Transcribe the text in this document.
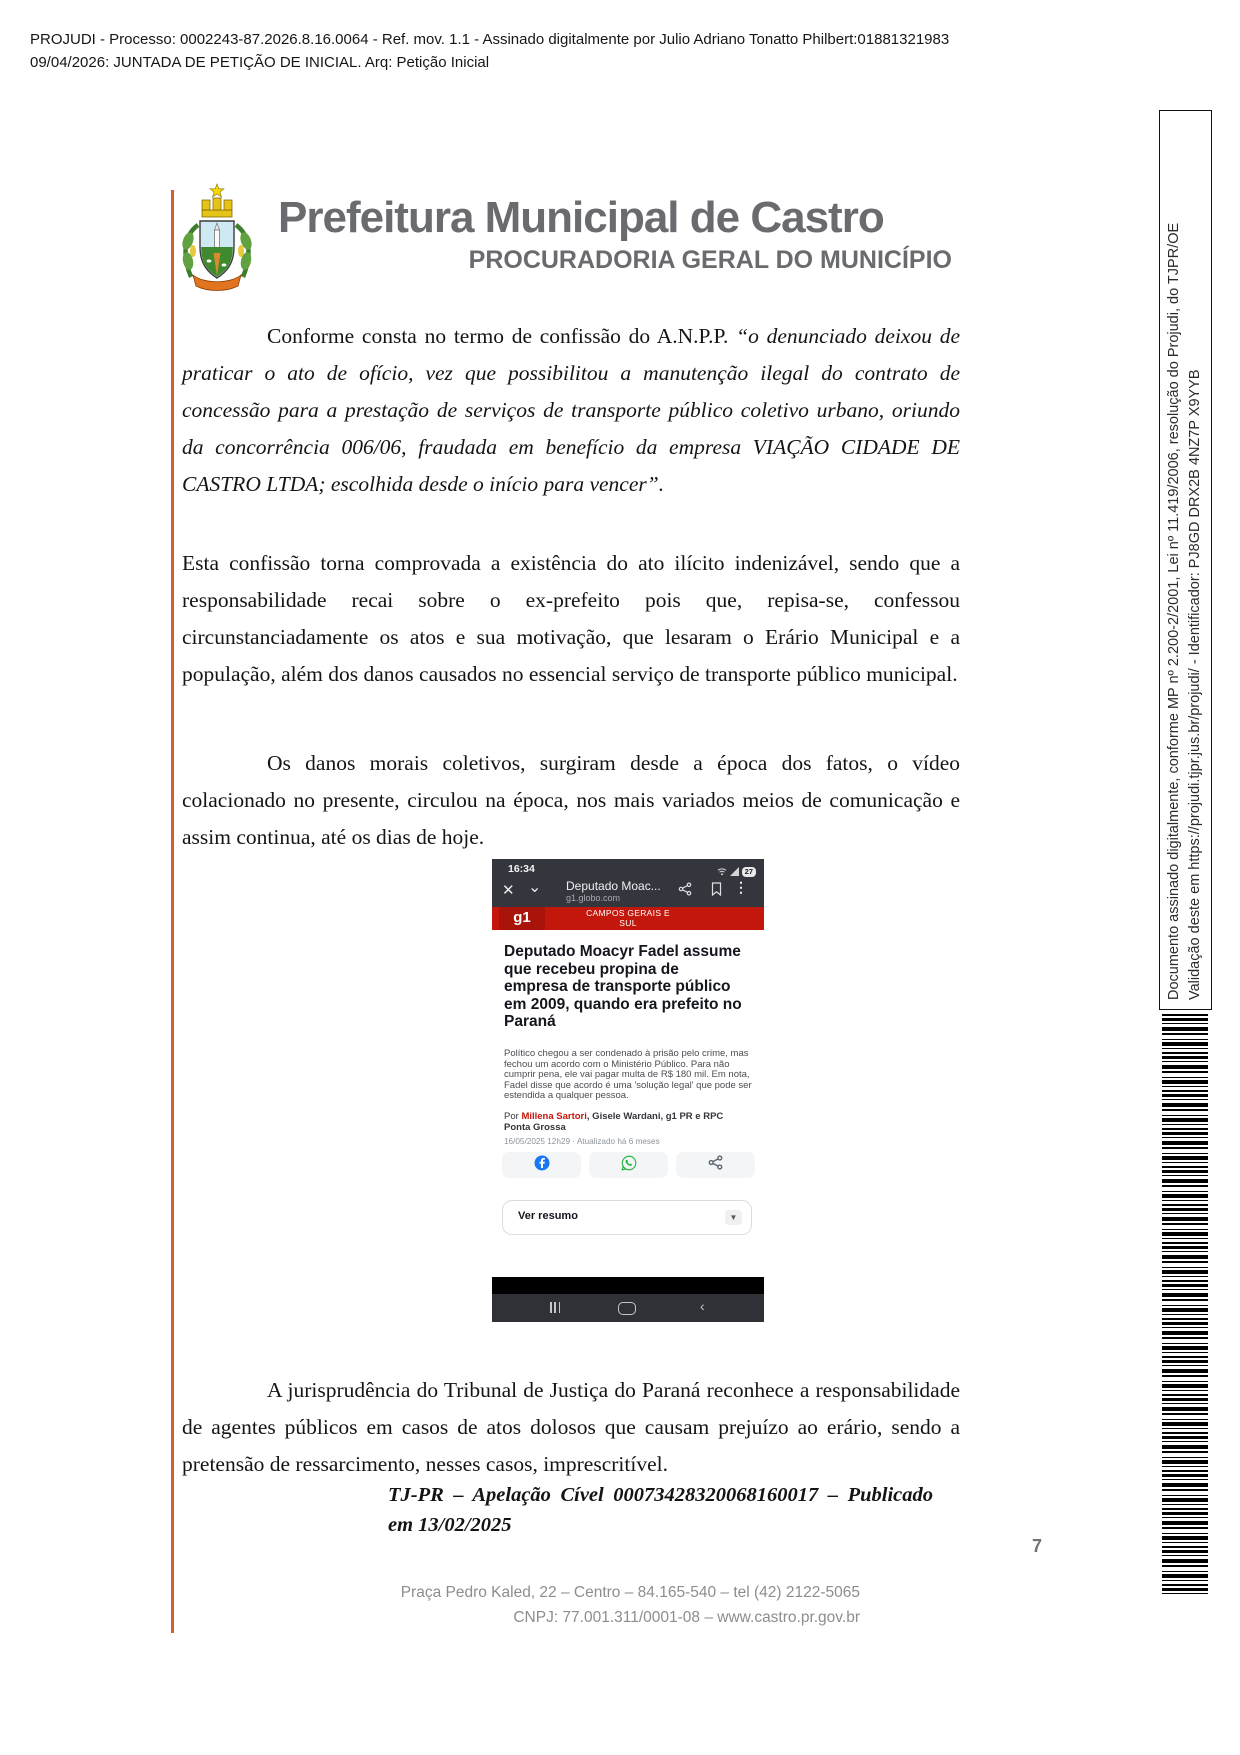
PROJUDI - Processo: 0002243-87.2026.8.16.0064 - Ref. mov. 1.1 - Assinado digitalmente por Julio Adriano Tonatto Philbert:01881321983
09/04/2026: JUNTADA DE PETIÇÃO DE INICIAL. Arq: Petição Inicial
Prefeitura Municipal de Castro
PROCURADORIA GERAL DO MUNICÍPIO
Conforme consta no termo de confissão do A.N.P.P. “o denunciado deixou de praticar o ato de ofício, vez que possibilitou a manutenção ilegal do contrato de concessão para a prestação de serviços de transporte público coletivo urbano, oriundo da concorrência 006/06, fraudada em benefício da empresa VIAÇÃO CIDADE DE CASTRO LTDA; escolhida desde o início para vencer”.
Esta confissão torna comprovada a existência do ato ilícito indenizável, sendo que a responsabilidade recai sobre o ex-prefeito pois que, repisa-se, confessou circunstanciadamente os atos e sua motivação, que lesaram o Erário Municipal e a população, além dos danos causados no essencial serviço de transporte público municipal.
Os danos morais coletivos, surgiram desde a época dos fatos, o vídeo colacionado no presente, circulou na época, nos mais variados meios de comunicação e assim continua, até os dias de hoje.
16:34	27
✕ ⌄ Deputado Moac...
g1.globo.com
⋮
g1	CAMPOS GERAIS E SUL
Deputado Moacyr Fadel assume que recebeu propina de empresa de transporte público em 2009, quando era prefeito no Paraná
Político chegou a ser condenado à prisão pelo crime, mas fechou um acordo com o Ministério Público. Para não cumprir pena, ele vai pagar multa de R$ 180 mil. Em nota, Fadel disse que acordo é uma 'solução legal' que pode ser estendida a qualquer pessoa.
Por Millena Sartori, Gisele Wardani, g1 PR e RPC Ponta Grossa
16/05/2025 12h29 · Atualizado há 6 meses
Ver resumo	▼
‹
A jurisprudência do Tribunal de Justiça do Paraná reconhece a responsabilidade de agentes públicos em casos de atos dolosos que causam prejuízo ao erário, sendo a pretensão de ressarcimento, nesses casos, imprescritível.
TJ-PR – Apelação Cível 00073428320068160017 – Publicado em 13/02/2025
Praça Pedro Kaled, 22 – Centro – 84.165-540 – tel (42) 2122-5065
CNPJ: 77.001.311/0001-08 – www.castro.pr.gov.br
7
Documento assinado digitalmente, conforme MP nº 2.200-2/2001, Lei nº 11.419/2006, resolução do Projudi, do TJPR/OE Validação deste em https://projudi.tjpr.jus.br/projudi/ - Identificador: PJ8GD DRX2B 4NZ7P X9YYB
